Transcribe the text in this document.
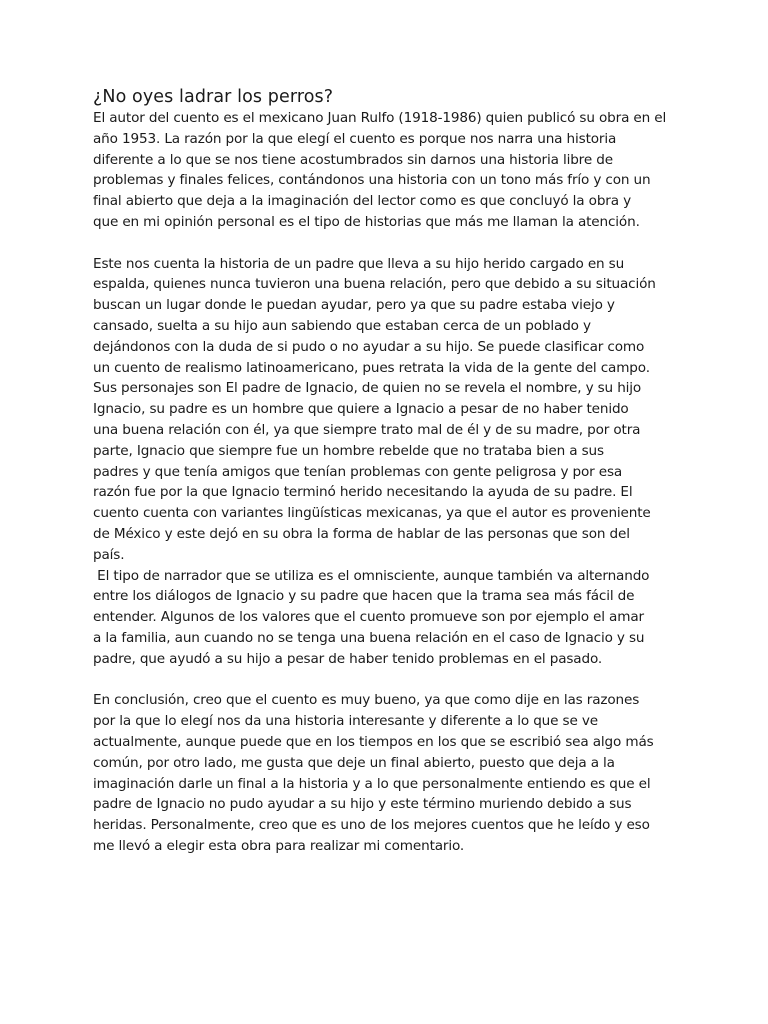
¿No oyes ladrar los perros?
El autor del cuento es el mexicano Juan Rulfo (1918-1986) quien publicó su obra en el
año 1953. La razón por la que elegí el cuento es porque nos narra una historia
diferente a lo que se nos tiene acostumbrados sin darnos una historia libre de
problemas y finales felices, contándonos una historia con un tono más frío y con un
final abierto que deja a la imaginación del lector como es que concluyó la obra y
que en mi opinión personal es el tipo de historias que más me llaman la atención.
Este nos cuenta la historia de un padre que lleva a su hijo herido cargado en su
espalda, quienes nunca tuvieron una buena relación, pero que debido a su situación
buscan un lugar donde le puedan ayudar, pero ya que su padre estaba viejo y
cansado, suelta a su hijo aun sabiendo que estaban cerca de un poblado y
dejándonos con la duda de si pudo o no ayudar a su hijo. Se puede clasificar como
un cuento de realismo latinoamericano, pues retrata la vida de la gente del campo.
Sus personajes son El padre de Ignacio, de quien no se revela el nombre, y su hijo
Ignacio, su padre es un hombre que quiere a Ignacio a pesar de no haber tenido
una buena relación con él, ya que siempre trato mal de él y de su madre, por otra
parte, Ignacio que siempre fue un hombre rebelde que no trataba bien a sus
padres y que tenía amigos que tenían problemas con gente peligrosa y por esa
razón fue por la que Ignacio terminó herido necesitando la ayuda de su padre. El
cuento cuenta con variantes lingüísticas mexicanas, ya que el autor es proveniente
de México y este dejó en su obra la forma de hablar de las personas que son del
país.
El tipo de narrador que se utiliza es el omnisciente, aunque también va alternando
entre los diálogos de Ignacio y su padre que hacen que la trama sea más fácil de
entender. Algunos de los valores que el cuento promueve son por ejemplo el amar
a la familia, aun cuando no se tenga una buena relación en el caso de Ignacio y su
padre, que ayudó a su hijo a pesar de haber tenido problemas en el pasado.
En conclusión, creo que el cuento es muy bueno, ya que como dije en las razones
por la que lo elegí nos da una historia interesante y diferente a lo que se ve
actualmente, aunque puede que en los tiempos en los que se escribió sea algo más
común, por otro lado, me gusta que deje un final abierto, puesto que deja a la
imaginación darle un final a la historia y a lo que personalmente entiendo es que el
padre de Ignacio no pudo ayudar a su hijo y este término muriendo debido a sus
heridas. Personalmente, creo que es uno de los mejores cuentos que he leído y eso
me llevó a elegir esta obra para realizar mi comentario.
